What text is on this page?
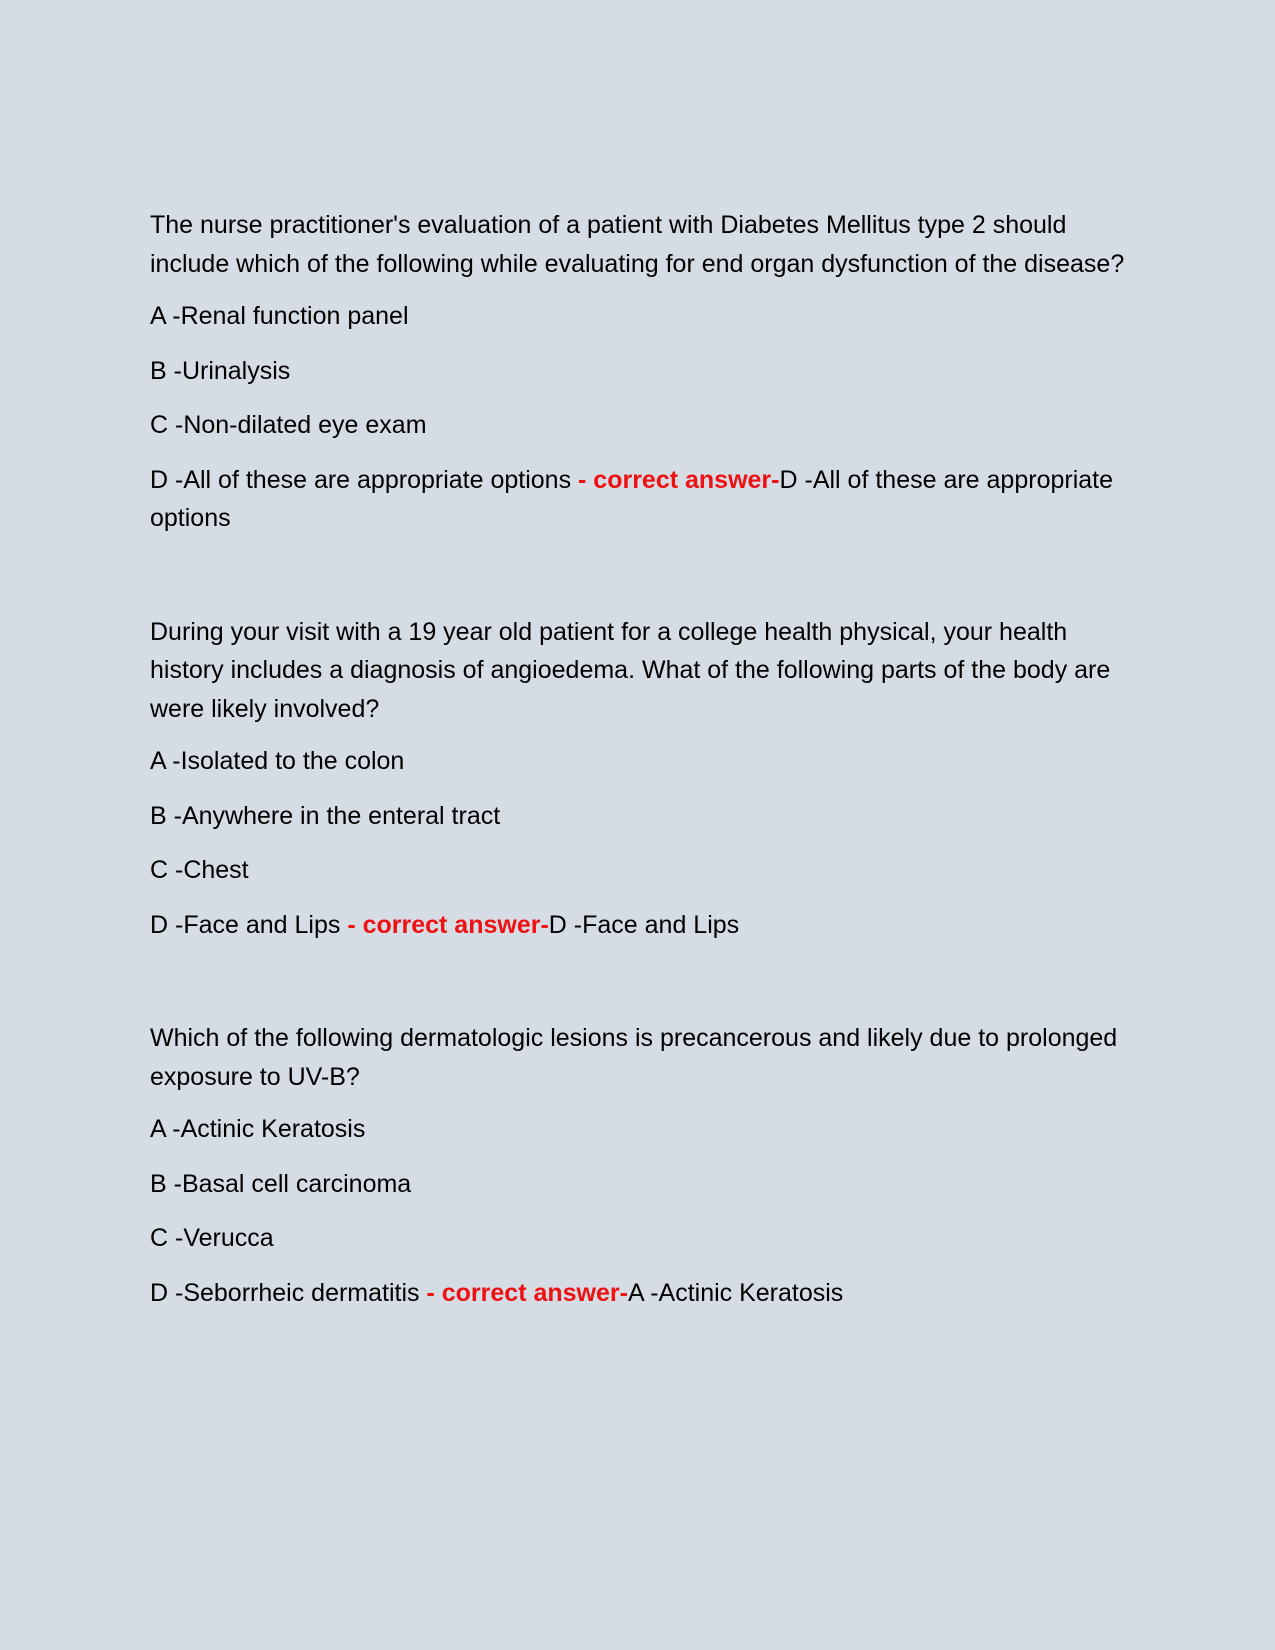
The nurse practitioner's evaluation of a patient with Diabetes Mellitus type 2 should include which of the following while evaluating for end organ dysfunction of the disease?

A -Renal function panel

B -Urinalysis

C -Non-dilated eye exam

D -All of these are appropriate options - correct answer-D -All of these are appropriate options

During your visit with a 19 year old patient for a college health physical, your health history includes a diagnosis of angioedema. What of the following parts of the body are were likely involved?

A -Isolated to the colon

B -Anywhere in the enteral tract

C -Chest

D -Face and Lips - correct answer-D -Face and Lips

Which of the following dermatologic lesions is precancerous and likely due to prolonged exposure to UV-B?

A -Actinic Keratosis

B -Basal cell carcinoma

C -Verucca

D -Seborrheic dermatitis - correct answer-A -Actinic Keratosis
